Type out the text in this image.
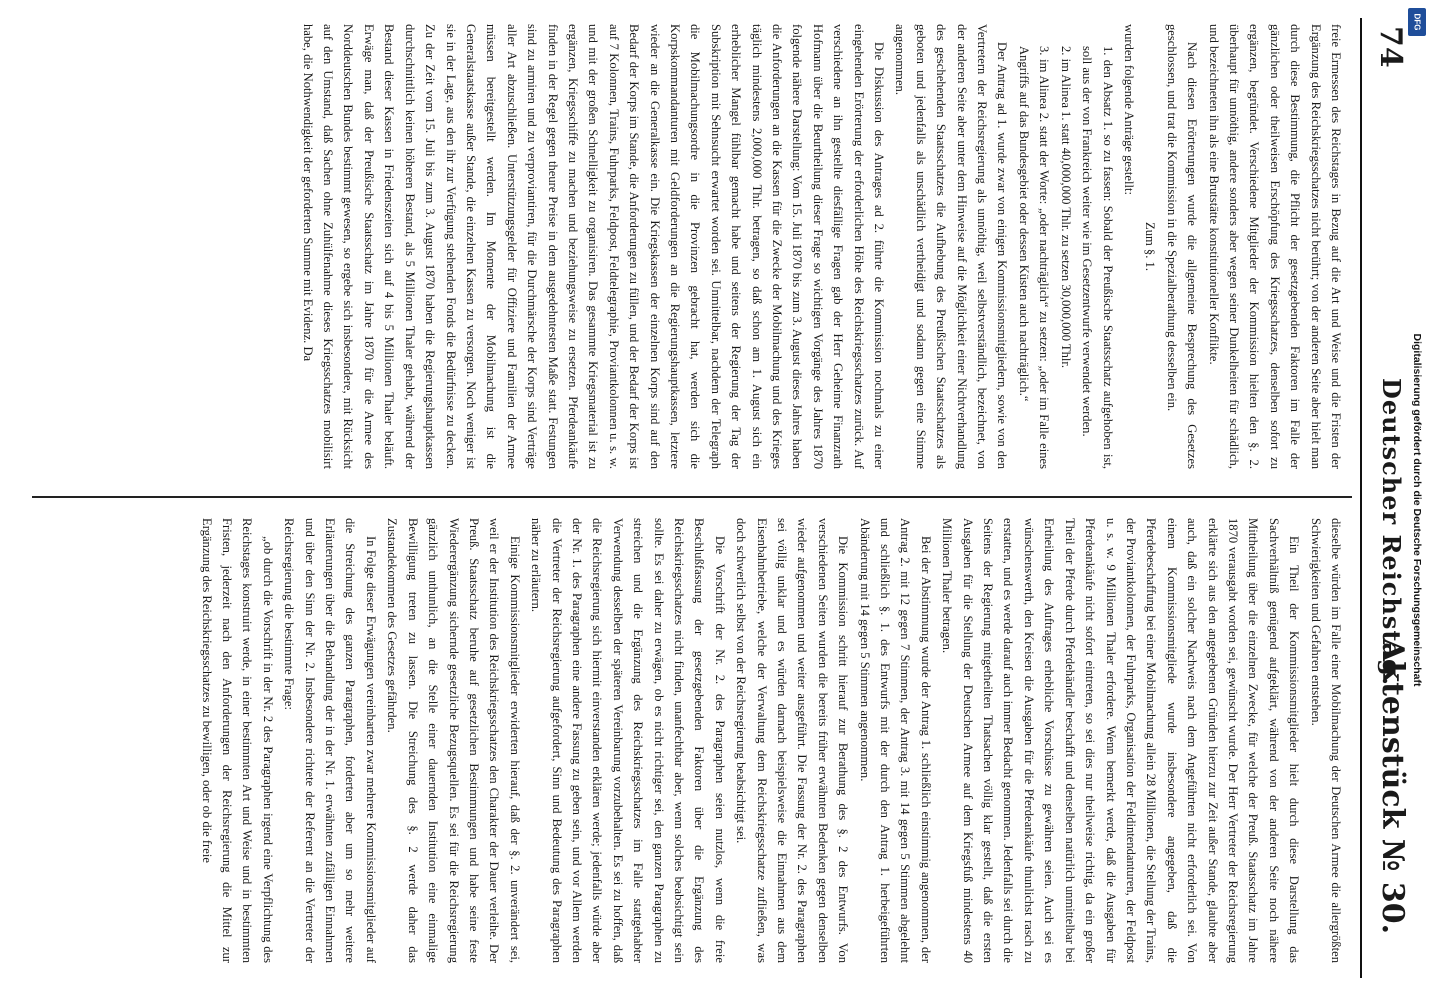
74
Deutscher Reichstag.
Aktenstück № 30.

freie Ermessen des Reichstages in Bezug auf die Art und Weise und die Fristen der Ergänzung des Reichskriegsschatzes nicht berührt; von der anderen Seite aber hielt man durch diese Bestimmung, die Pflicht der gesetzgebenden Faktoren im Falle der gänzlichen oder theilweisen Erschöpfung des Kriegsschatzes, denselben sofort zu ergänzen, begründet. Verschiedene Mitglieder der Kommission hielten den §. 2. überhaupt für unnöthig, andere sonders aber wegen seiner Dunkelheiten für schädlich, und bezeichneten ihn als eine Brutstätte konstitutioneller Konflikte.

Nach diesen Erörterungen wurde die allgemeine Besprechung des Gesetzes geschlossen, und trat die Kommission in die Spezialberathung desselben ein.

Zum §. 1.

wurden folgende Anträge gestellt:

1. den Absatz 1. so zu fassen: Sobald der Preußische Staatsschatz aufgehoben ist, soll aus der von Frankreich weiter wie im Gesetzentwurfe verwendet werden.

2. im Alinea 1. statt 40,000,000 Thlr. zu setzen 30,000,000 Thlr.

3. im Alinea 2. statt der Worte: „oder nachträglich“ zu setzen: „oder im Falle eines Angriffs auf das Bundesgebiet oder dessen Küsten auch nachträglich.“

Der Antrag ad 1. wurde zwar von einigen Kommissionsmitgliedern, sowie von den Vertretern der Reichsregierung als unnöthig, weil selbstverständlich, bezeichnet, von der anderen Seite aber unter dem Hinweise auf die Möglichkeit einer Nichtverhandlung des geschehenden Staatsschatzes die Aufhebung des Preußischen Staatsschatzes als geboten und jedenfalls als unschädlich vertheidigt und sodann gegen eine Stimme angenommen.

Die Diskussion des Antrages ad 2. führte die Kommission nochmals zu einer eingehenden Erörterung der erforderlichen Höhe des Reichskriegsschatzes zurück. Auf verschiedene an ihn gestellte diesfällige Fragen gab der Herr Geheime Finanzrath Hofmann über die Beurtheilung dieser Frage so wichtigen Vorgänge des Jahres 1870 folgende nähere Darstellung: Vom 15. Juli 1870 bis zum 3. August dieses Jahres haben die Anforderungen an die Kassen für die Zwecke der Mobilmachung und des Krieges täglich mindestens 2,000,000 Thlr. betragen, so daß schon am 1. August sich ein erheblicher Mangel fühlbar gemacht habe und seitens der Regierung der Tag der Subskription mit Sehnsucht erwartet worden sei. Unmittelbar, nachdem der Telegraph die Mobilmachungsordre in die Provinzen gebracht hat, werden sich die Korpskommandanturen mit Geldforderungen an die Regierungshauptkassen, letztere wieder an die Generalkasse ein. Die Kriegskassen der einzelnen Korps sind auf den Bedarf der Korps im Stande, die Anforderungen zu füllen, und der Bedarf der Korps ist auf 7 Kolonnen, Trains, Fuhrparks, Feldpost, Feldtelegraphie, Proviantkolonnen u. s. w. und mit der großen Schnelligkeit zu organisiren. Das gesammte Kriegsmaterial ist zu ergänzen, Kriegsschiffe zu machen und beziehungsweise zu ersetzen. Pferdeankäufe finden in der Regel gegen theure Preise in dem ausgedehntesten Maße statt. Festungen sind zu armiren und zu verproviantiren, für die Durchmärsche der Korps sind Verträge aller Art abzuschließen. Unterstützungsgelder für Offiziere und Familien der Armee müssen bereitgestellt werden. Im Momente der Mobilmachung ist die Generalstaatskasse außer Stande, die einzelnen Kassen zu versorgen. Noch weniger ist sie in der Lage, aus den ihr zur Verfügung stehenden Fonds die Bedürfnisse zu decken. Zu der Zeit vom 15. Juli bis zum 3. August 1870 haben die Regierungshauptkassen durchschnittlich keinen höheren Bestand, als 5 Millionen Thaler gehabt, während der Bestand dieser Kassen in Friedenszeiten sich auf 4 bis 5 Millionen Thaler beläuft. Erwäge man, daß der Preußische Staatsschatz im Jahre 1870 für die Armee des Norddeutschen Bundes bestimmt gewesen, so ergebe sich insbesondere, mit Rücksicht auf den Umstand, daß Sachen ohne Zuhülfenahme dieses Kriegsschatzes mobilisirt habe, die Nothwendigkeit der geforderten Summe mit Evidenz. Da

dieselbe würden im Falle einer Mobilmachung der Deutschen Armee die allergrößten Schwierigkeiten und Gefahren entstehen.

Ein Theil der Kommissionsmitglieder hielt durch diese Darstellung das Sachverhältniß genügend aufgeklärt, während von der anderen Seite noch nähere Mittheilung über die einzelnen Zwecke, für welche der Preuß. Staatsschatz im Jahre 1870 verausgabt worden sei, gewünscht wurde. Der Herr Vertreter der Reichsregierung erklärte sich aus den angegebenen Gründen hierzu zur Zeit außer Stande, glaubte aber auch, daß ein solcher Nachweis nach dem Angeführten nicht erforderlich sei. Von einem Kommissionsmitgliede wurde insbesondere angegeben, daß die Pferdebeschaffung bei einer Mobilmachung allein 28 Millionen, die Stellung der Trains, der Proviantkolonnen, der Fuhrparks, Organisation der Feldintendanturen, der Feldpost u. s. w. 9 Millionen Thaler erfordere. Wenn bemerkt werde, daß die Ausgaben für Pferdeankäufe nicht sofort eintreten, so sei dies nur theilweise richtig, da ein großer Theil der Pferde durch Pferdehändler beschafft und denselben natürlich unmittelbar bei Ertheilung des Auftrages erhebliche Vorschüsse zu gewähren seien. Auch sei es wünschenswerth, den Kreisen die Ausgaben für die Pferdeankäufe thunlichst rasch zu erstatten, und es werde darauf auch immer Bedacht genommen. Jedenfalls sei durch die Seitens der Regierung mitgetheilten Thatsachen völlig klar gestellt, daß die ersten Ausgaben für die Stellung der Deutschen Armee auf dem Kriegsfuß mindestens 40 Millionen Thaler betragen.

Bei der Abstimmung wurde der Antrag 1. schließlich einstimmig angenommen, der Antrag 2. mit 12 gegen 7 Stimmen, der Antrag 3. mit 14 gegen 5 Stimmen abgelehnt und schließlich §. 1. des Entwurfs mit der durch den Antrag 1. herbeigeführten Abänderung mit 14 gegen 5 Stimmen angenommen.

Die Kommission schritt hierauf zur Berathung des §. 2 des Entwurfs. Von verschiedenen Seiten wurden die bereits früher erwähnten Bedenken gegen denselben wieder aufgenommen und weiter ausgeführt. Die Fassung der Nr. 2. des Paragraphen sei völlig unklar und es würden darnach beispielsweise die Einnahmen aus dem Eisenbahnbetriebe, welche der Verwaltung dem Reichskriegsschatze zufließen, was doch schwerlich selbst von der Reichsregierung beabsichtigt sei.

Die Vorschrift der Nr. 2. des Paragraphen seien nutzlos, wenn die freie Beschlußfassung der gesetzgebenden Faktoren über die Ergänzung des Reichskriegsschatzes nicht finden, unanfechtbar aber, wenn solches beabsichtigt sein sollte. Es sei daher zu erwägen, ob es nicht richtiger sei, den ganzen Paragraphen zu streichen und die Ergänzung des Reichskriegsschatzes im Falle stattgehabter Verwendung desselben der späteren Vereinbarung vorzubehalten. Es sei zu hoffen, daß die Reichsregierung sich hiermit einverstanden erklären werde; jedenfalls würde aber der Nr. 1. des Paragraphen eine andere Fassung zu geben sein, und vor Allem werden die Vertreter der Reichsregierung aufgefordert, Sinn und Bedeutung des Paragraphen näher zu erläutern.

Einige Kommissionsmitglieder erwiderten hierauf, daß der §. 2. unverändert sei, weil er der Institution des Reichskriegsschatzes den Charakter der Dauer verleihe. Der Preuß. Staatsschatz beruhe auf gesetzlichen Bestimmungen und habe seine feste Wiederergänzung sichernde gesetzliche Bezugsquellen. Es sei für die Reichsregierung gänzlich unthunlich, an die Stelle einer dauernden Institution eine einmalige Bewilligung treten zu lassen. Die Streichung des §. 2 werde daher das Zustandekommen des Gesetzes gefährden.

In Folge dieser Erwägungen vereinbarten zwar mehrere Kommissionsmitglieder auf die Streichung des ganzen Paragraphen, forderten aber um so mehr weitere Erläuterungen über die Behandlung der in der Nr. 1. erwähnten zufälligen Einnahmen und über den Sinn der Nr. 2. Insbesondere richtete der Referent an die Vertreter der Reichsregierung die bestimmte Frage:

„ob durch die Vorschrift in der Nr. 2 des Paragraphen irgend eine Verpflichtung des Reichstages konstruirt werde, in einer bestimmten Art und Weise und in bestimmten Fristen, jederzeit nach den Anforderungen der Reichsregierung die Mittel zur Ergänzung des Reichskriegsschatzes zu bewilligen, oder ob die freie

DFG
Digitalisierung gefördert durch die Deutsche Forschungsgemeinschaft
